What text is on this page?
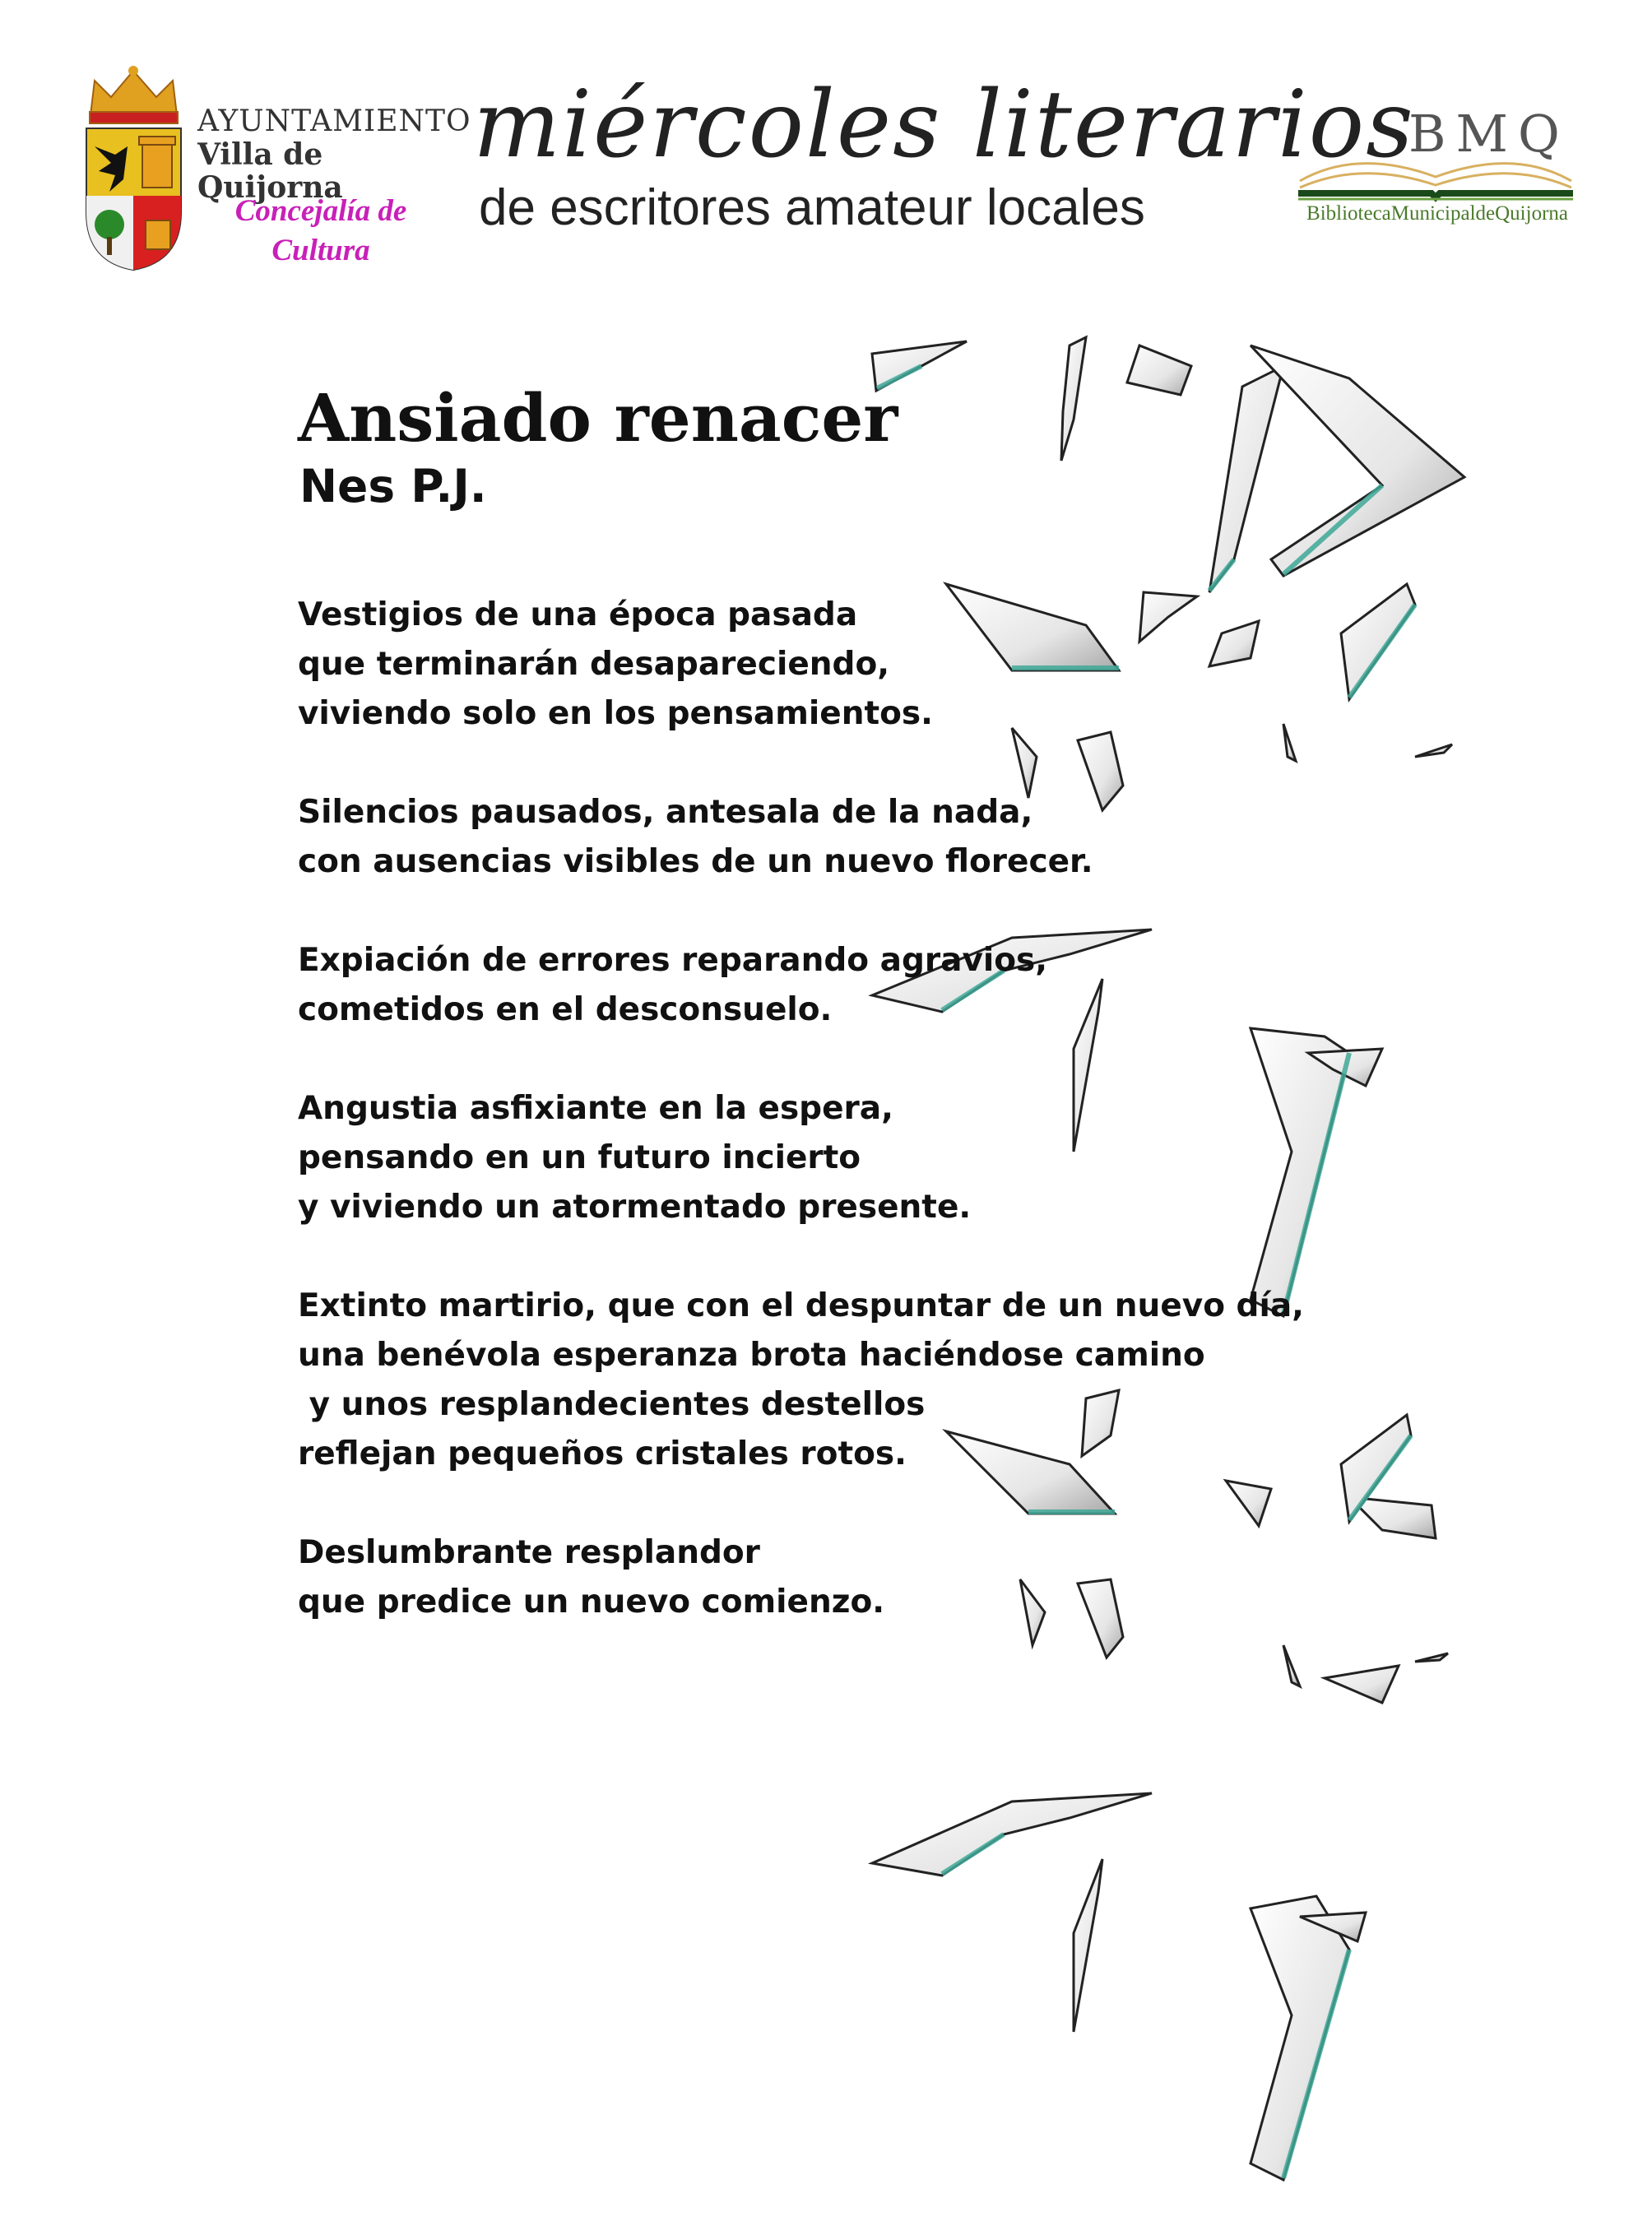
AYUNTAMIENTO
Villa de Quijorna
Concejalía de
Cultura
miércoles literarios
de escritores amateur locales
BMQ
BibliotecaMunicipaldeQuijorna
Ansiado renacer
Nes P.J.
Vestigios de una época pasada
que terminarán desapareciendo,
viviendo solo en los pensamientos.
Silencios pausados, antesala de la nada,
con ausencias visibles de un nuevo florecer.
Expiación de errores reparando agravios,
cometidos en el desconsuelo.
Angustia asfixiante en la espera,
pensando en un futuro incierto
y viviendo un atormentado presente.
Extinto martirio, que con el despuntar de un nuevo día,
una benévola esperanza brota haciéndose camino
y unos resplandecientes destellos
reflejan pequeños cristales rotos.
Deslumbrante resplandor
que predice un nuevo comienzo.
